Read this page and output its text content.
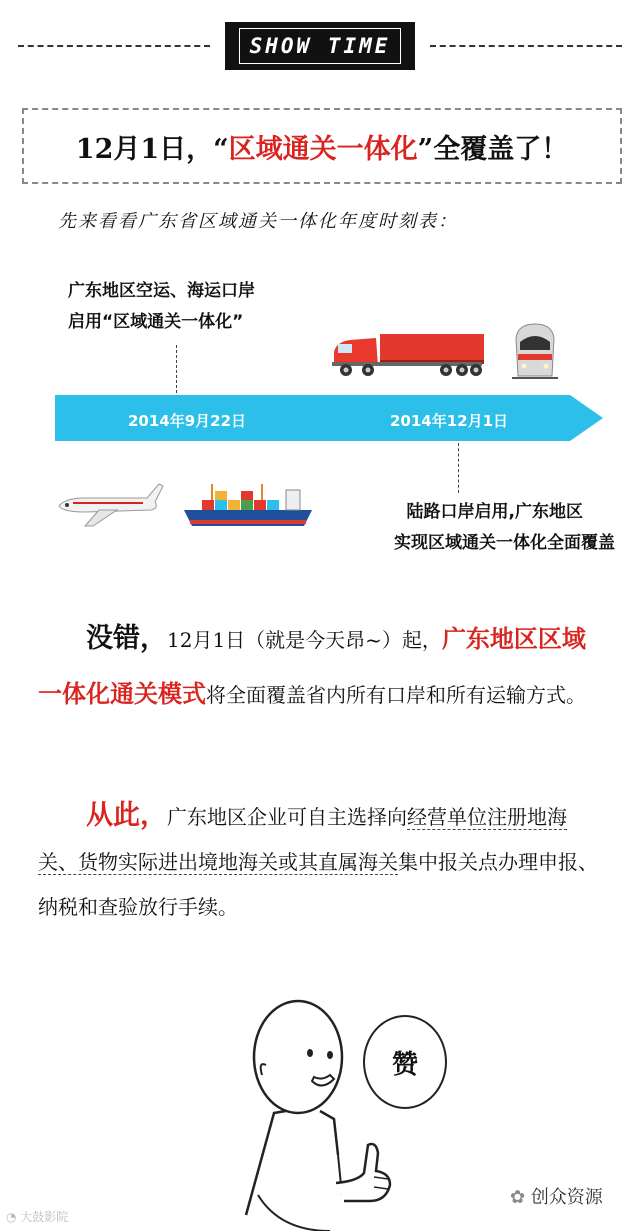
SHOW TIME
12月1日，“ 区域通关一体化 ”全覆盖了！
先来看看广东省区域通关一体化年度时刻表：
广东地区空运、海运口岸
启用“区域通关一体化”
2014年9月22日	2014年12月1日
陆路口岸启用,广东地区
实现区域通关一体化全面覆盖
没错，12月1日（就是今天昂~）起，广东地区区域一体化通关模式将全面覆盖省内所有口岸和所有运输方式。
从此，广东地区企业可自主选择向经营单位注册地海关、货物实际进出境地海关或其直属海关集中报关点办理申报、纳税和查验放行手续。
赞
◔ 大鼓影院
✿ 创众资源
